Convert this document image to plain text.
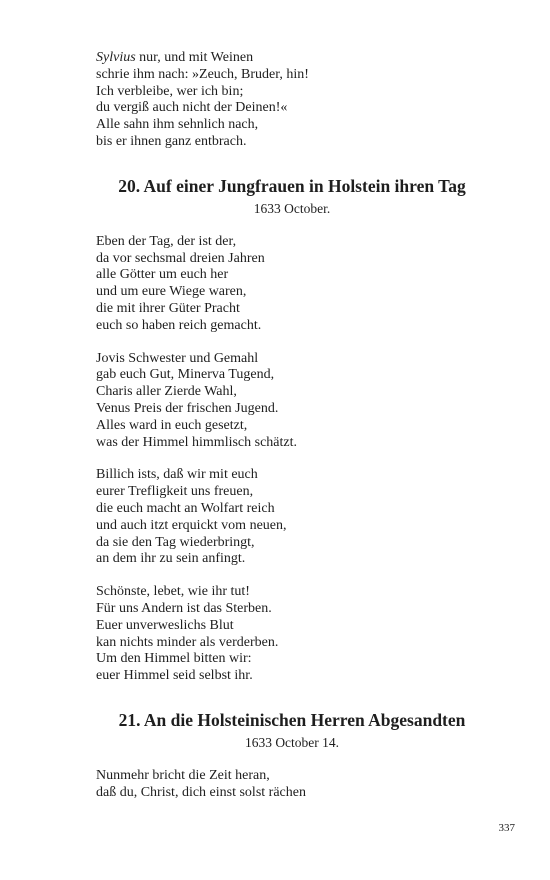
Sylvius nur, und mit Weinen
schrie ihm nach: »Zeuch, Bruder, hin!
Ich verbleibe, wer ich bin;
du vergiß auch nicht der Deinen!«
Alle sahn ihm sehnlich nach,
bis er ihnen ganz entbrach.
20. Auf einer Jungfrauen in Holstein ihren Tag
1633 October.
Eben der Tag, der ist der,
da vor sechsmal dreien Jahren
alle Götter um euch her
und um eure Wiege waren,
die mit ihrer Güter Pracht
euch so haben reich gemacht.
Jovis Schwester und Gemahl
gab euch Gut, Minerva Tugend,
Charis aller Zierde Wahl,
Venus Preis der frischen Jugend.
Alles ward in euch gesetzt,
was der Himmel himmlisch schätzt.
Billich ists, daß wir mit euch
eurer Trefligkeit uns freuen,
die euch macht an Wolfart reich
und auch itzt erquickt vom neuen,
da sie den Tag wiederbringt,
an dem ihr zu sein anfingt.
Schönste, lebet, wie ihr tut!
Für uns Andern ist das Sterben.
Euer unverweslichs Blut
kan nichts minder als verderben.
Um den Himmel bitten wir:
euer Himmel seid selbst ihr.
21. An die Holsteinischen Herren Abgesandten
1633 October 14.
Nunmehr bricht die Zeit heran,
daß du, Christ, dich einst solst rächen
337
